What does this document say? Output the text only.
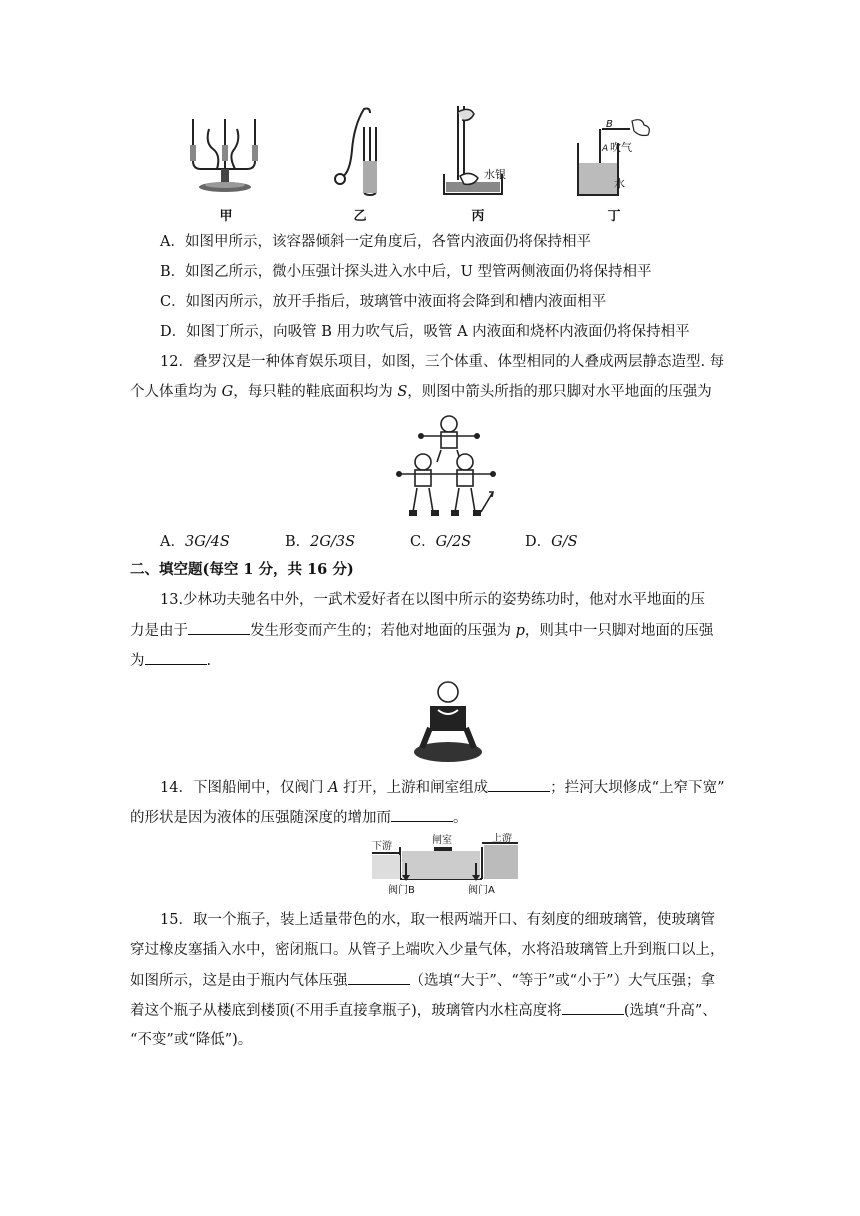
水银
B
A 吹气
水
甲	乙	丙	丁
A．如图甲所示，该容器倾斜一定角度后，各管内液面仍将保持相平
B．如图乙所示，微小压强计探头进入水中后，U 型管两侧液面仍将保持相平
C．如图丙所示，放开手指后，玻璃管中液面将会降到和槽内液面相平
D．如图丁所示，向吸管 B 用力吹气后，吸管 A 内液面和烧杯内液面仍将保持相平
12．叠罗汉是一种体育娱乐项目，如图，三个体重、体型相同的人叠成两层静态造型. 每
个人体重均为 G，每只鞋的鞋底面积均为 S，则图中箭头所指的那只脚对水平地面的压强为
A．3G/4S	B．2G/3S	C．G/2S	D．G/S
二、填空题(每空 1 分，共 16 分)
13.少林功夫驰名中外，一武术爱好者在以图中所示的姿势练功时，他对水平地面的压
力是由于	发生形变而产生的；若他对地面的压强为 p，则其中一只脚对地面的压强
为	.
14．下图船闸中，仅阀门 A 打开，上游和闸室组成	；拦河大坝修成“上窄下宽”
的形状是因为液体的压强随深度的增加而	。
下游
闸室	上游
阀门B	阀门A
15．取一个瓶子，装上适量带色的水，取一根两端开口、有刻度的细玻璃管，使玻璃管
穿过橡皮塞插入水中，密闭瓶口。从管子上端吹入少量气体，水将沿玻璃管上升到瓶口以上，
如图所示，这是由于瓶内气体压强	（选填“大于”、“等于”或“小于”）大气压强；拿
着这个瓶子从楼底到楼顶(不用手直接拿瓶子)，玻璃管内水柱高度将	(选填“升高”、
“不变”或“降低”)。
